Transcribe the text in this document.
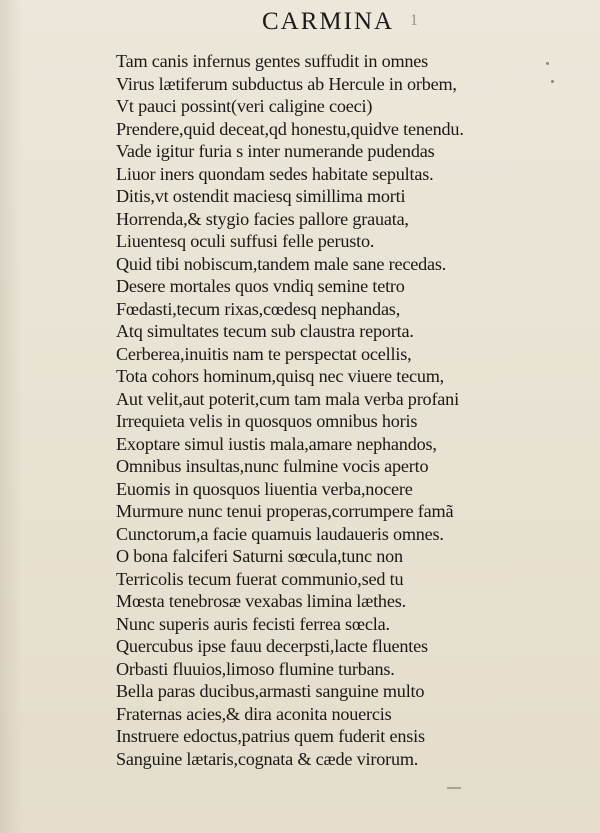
CARMINA 1
Tam canis infernus gentes suffudit in omnes
Virus lætiferum subductus ab Hercule in orbem,
Vt pauci possint(veri caligine coeci)
Prendere,quid deceat,qd honestu,quidve tenendu.
Vade igitur furia s inter numerande pudendas
Liuor iners quondam sedes habitate sepultas.
Ditis,vt ostendit maciesq simillima morti
Horrenda,& stygio facies pallore grauata,
Liuentesq oculi suffusi felle perusto.
Quid tibi nobiscum,tandem male sane recedas.
Desere mortales quos vndiq semine tetro
Fœdasti,tecum rixas,cœdesq nephandas,
Atq simultates tecum sub claustra reporta.
Cerberea,inuitis nam te perspectat ocellis,
Tota cohors hominum,quisq nec viuere tecum,
Aut velit,aut poterit,cum tam mala verba profani
Irrequieta velis in quosquos omnibus horis
Exoptare simul iustis mala,amare nephandos,
Omnibus insultas,nunc fulmine vocis aperto
Euomis in quosquos liuentia verba,nocere
Murmure nunc tenui properas,corrumpere famã
Cunctorum,a facie quamuis laudaueris omnes.
O bona falciferi Saturni sœcula,tunc non
Terricolis tecum fuerat communio,sed tu
Mœsta tenebrosæ vexabas limina læthes.
Nunc superis auris fecisti ferrea sœcla.
Quercubus ipse fauu decerpsti,lacte fluentes
Orbasti fluuios,limoso flumine turbans.
Bella paras ducibus,armasti sanguine multo
Fraternas acies,& dira aconita nouercis
Instruere edoctus,patrius quem fuderit ensis
Sanguine lætaris,cognata & cæde virorum.
